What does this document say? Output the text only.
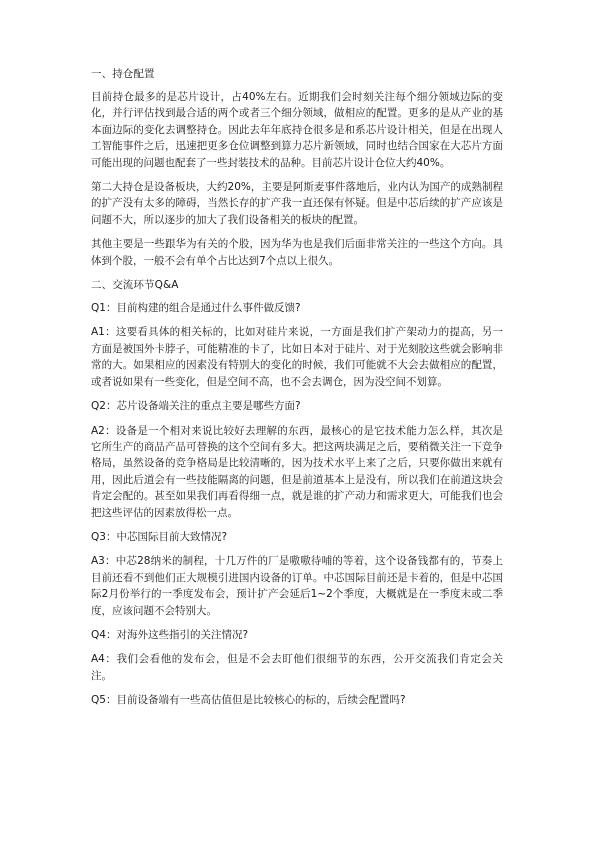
一、持仓配置

目前持仓最多的是芯片设计，占40%左右。近期我们会时刻关注每个细分领域边际的变化，并行评估找到最合适的两个或者三个细分领域，做相应的配置。更多的是从产业的基本面边际的变化去调整持仓。因此去年年底持仓很多是和系芯片设计相关，但是在出现人工智能事件之后，迅速把更多仓位调整到算力芯片新领域，同时也结合国家在大芯片方面可能出现的问题也配套了一些封装技术的品种。目前芯片设计仓位大约40%。

第二大持仓是设备板块，大约20%，主要是阿斯麦事件落地后，业内认为国产的成熟制程的扩产没有太多的障碍，当然长存的扩产我一直还保有怀疑。但是中芯后续的扩产应该是问题不大，所以逐步的加大了我们设备相关的板块的配置。

其他主要是一些跟华为有关的个股，因为华为也是我们后面非常关注的一些这个方向。具体到个股，一般不会有单个占比达到7个点以上很久。

二、交流环节Q&A

Q1：目前构建的组合是通过什么事件做反馈?

A1：这要看具体的相关标的，比如对硅片来说，一方面是我们扩产架动力的提高，另一方面是被国外卡脖子，可能精准的卡了，比如日本对于硅片、对于光刻胶这些就会影响非常的大。如果相应的因素没有特别大的变化的时候，我们可能就不大会去做相应的配置，或者说如果有一些变化，但是空间不高，也不会去调仓，因为没空间不划算。

Q2：芯片设备端关注的重点主要是哪些方面?

A2：设备是一个相对来说比较好去理解的东西，最核心的是它技术能力怎么样，其次是它所生产的商品产品可替换的这个空间有多大。把这两块满足之后，要稍微关注一下竞争格局，虽然设备的竞争格局是比较清晰的，因为技术水平上来了之后，只要你做出来就有用，因此后道会有一些技能隔离的问题，但是前道基本上是没有，所以我们在前道这块会肯定会配的。甚至如果我们再看得细一点，就是谁的扩产动力和需求更大，可能我们也会把这些评估的因素放得松一点。

Q3：中芯国际目前大致情况?

A3：中芯28纳米的制程，十几万件的厂是嗷嗷待哺的等着，这个设备钱都有的，节奏上目前还看不到他们正大规模引进国内设备的订单。中芯国际目前还是卡着的，但是中芯国际2月份举行的一季度发布会，预计扩产会延后1~2个季度，大概就是在一季度末或二季度，应该问题不会特别大。

Q4：对海外这些指引的关注情况?

A4：我们会看他的发布会，但是不会去盯他们很细节的东西，公开交流我们肯定会关注。

Q5：目前设备端有一些高估值但是比较核心的标的，后续会配置吗?
